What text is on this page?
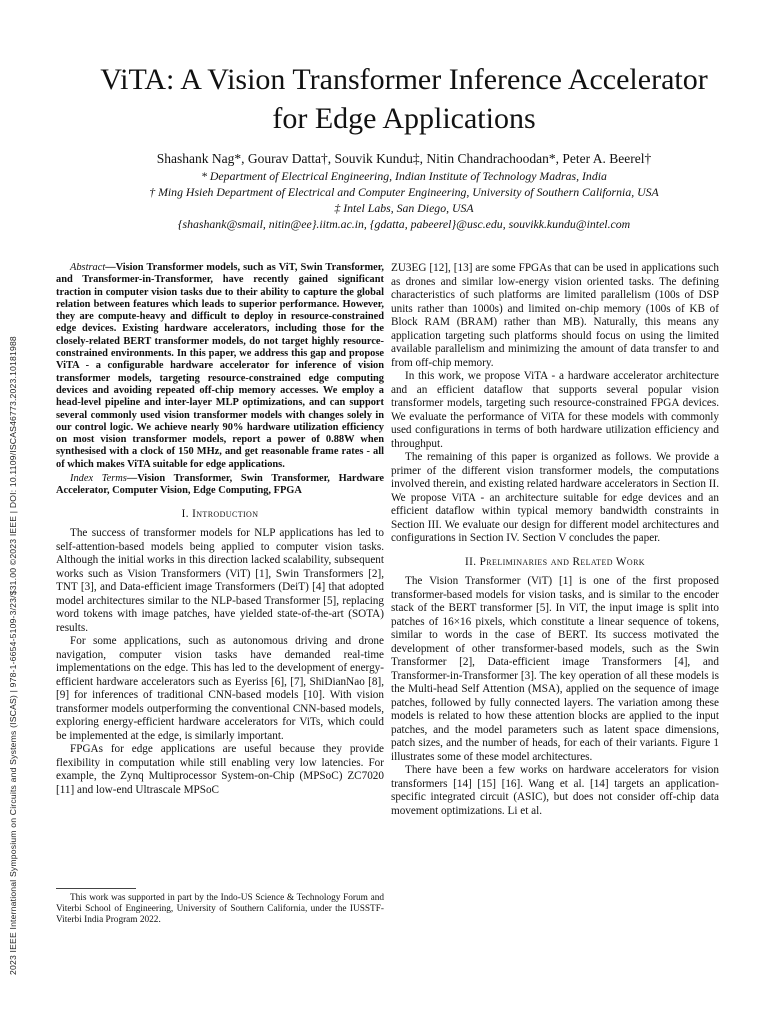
2023 IEEE International Symposium on Circuits and Systems (ISCAS) | 978-1-6654-5109-3/23/$31.00 ©2023 IEEE | DOI: 10.1109/ISCAS46773.2023.10181988
ViTA: A Vision Transformer Inference Accelerator
for Edge Applications
Shashank Nag*, Gourav Datta†, Souvik Kundu‡, Nitin Chandrachoodan*, Peter A. Beerel†
* Department of Electrical Engineering, Indian Institute of Technology Madras, India
† Ming Hsieh Department of Electrical and Computer Engineering, University of Southern California, USA
‡ Intel Labs, San Diego, USA
{shashank@smail, nitin@ee}.iitm.ac.in, {gdatta, pabeerel}@usc.edu, souvikk.kundu@intel.com

Abstract—Vision Transformer models, such as ViT, Swin Transformer, and Transformer-in-Transformer, have recently gained significant traction in computer vision tasks due to their ability to capture the global relation between features which leads to superior performance. However, they are compute-heavy and difficult to deploy in resource-constrained edge devices. Existing hardware accelerators, including those for the closely-related BERT transformer models, do not target highly resource-constrained environments. In this paper, we address this gap and propose ViTA - a configurable hardware accelerator for inference of vision transformer models, targeting resource-constrained edge computing devices and avoiding repeated off-chip memory accesses. We employ a head-level pipeline and inter-layer MLP optimizations, and can support several commonly used vision transformer models with changes solely in our control logic. We achieve nearly 90% hardware utilization efficiency on most vision transformer models, report a power of 0.88W when synthesised with a clock of 150 MHz, and get reasonable frame rates - all of which makes ViTA suitable for edge applications.

Index Terms—Vision Transformer, Swin Transformer, Hardware Accelerator, Computer Vision, Edge Computing, FPGA

I. Introduction

The success of transformer models for NLP applications has led to self-attention-based models being applied to computer vision tasks. Although the initial works in this direction lacked scalability, subsequent works such as Vision Transformers (ViT) [1], Swin Transformers [2], TNT [3], and Data-efficient image Transformers (DeiT) [4] that adopted model architectures similar to the NLP-based Transformer [5], replacing word tokens with image patches, have yielded state-of-the-art (SOTA) results.

For some applications, such as autonomous driving and drone navigation, computer vision tasks have demanded real-time implementations on the edge. This has led to the development of energy-efficient hardware accelerators such as Eyeriss [6], [7], ShiDianNao [8], [9] for inferences of traditional CNN-based models [10]. With vision transformer models outperforming the conventional CNN-based models, exploring energy-efficient hardware accelerators for ViTs, which could be implemented at the edge, is similarly important.

FPGAs for edge applications are useful because they provide flexibility in computation while still enabling very low latencies. For example, the Zynq Multiprocessor System-on-Chip (MPSoC) ZC7020 [11] and low-end Ultrascale MPSoC

This work was supported in part by the Indo-US Science & Technology Forum and Viterbi School of Engineering, University of Southern California, under the IUSSTF-Viterbi India Program 2022.

ZU3EG [12], [13] are some FPGAs that can be used in applications such as drones and similar low-energy vision oriented tasks. The defining characteristics of such platforms are limited parallelism (100s of DSP units rather than 1000s) and limited on-chip memory (100s of KB of Block RAM (BRAM) rather than MB). Naturally, this means any application targeting such platforms should focus on using the limited available parallelism and minimizing the amount of data transfer to and from off-chip memory.

In this work, we propose ViTA - a hardware accelerator architecture and an efficient dataflow that supports several popular vision transformer models, targeting such resource-constrained FPGA devices. We evaluate the performance of ViTA for these models with commonly used configurations in terms of both hardware utilization efficiency and throughput.

The remaining of this paper is organized as follows. We provide a primer of the different vision transformer models, the computations involved therein, and existing related hardware accelerators in Section II. We propose ViTA - an architecture suitable for edge devices and an efficient dataflow within typical memory bandwidth constraints in Section III. We evaluate our design for different model architectures and configurations in Section IV. Section V concludes the paper.

II. Preliminaries and Related Work

The Vision Transformer (ViT) [1] is one of the first proposed transformer-based models for vision tasks, and is similar to the encoder stack of the BERT transformer [5]. In ViT, the input image is split into patches of 16×16 pixels, which constitute a linear sequence of tokens, similar to words in the case of BERT. Its success motivated the development of other transformer-based models, such as the Swin Transformer [2], Data-efficient image Transformers [4], and Transformer-in-Transformer [3]. The key operation of all these models is the Multi-head Self Attention (MSA), applied on the sequence of image patches, followed by fully connected layers. The variation among these models is related to how these attention blocks are applied to the input patches, and the model parameters such as latent space dimensions, patch sizes, and the number of heads, for each of their variants. Figure 1 illustrates some of these model architectures.

There have been a few works on hardware accelerators for vision transformers [14] [15] [16]. Wang et al. [14] targets an application-specific integrated circuit (ASIC), but does not consider off-chip data movement optimizations. Li et al.
